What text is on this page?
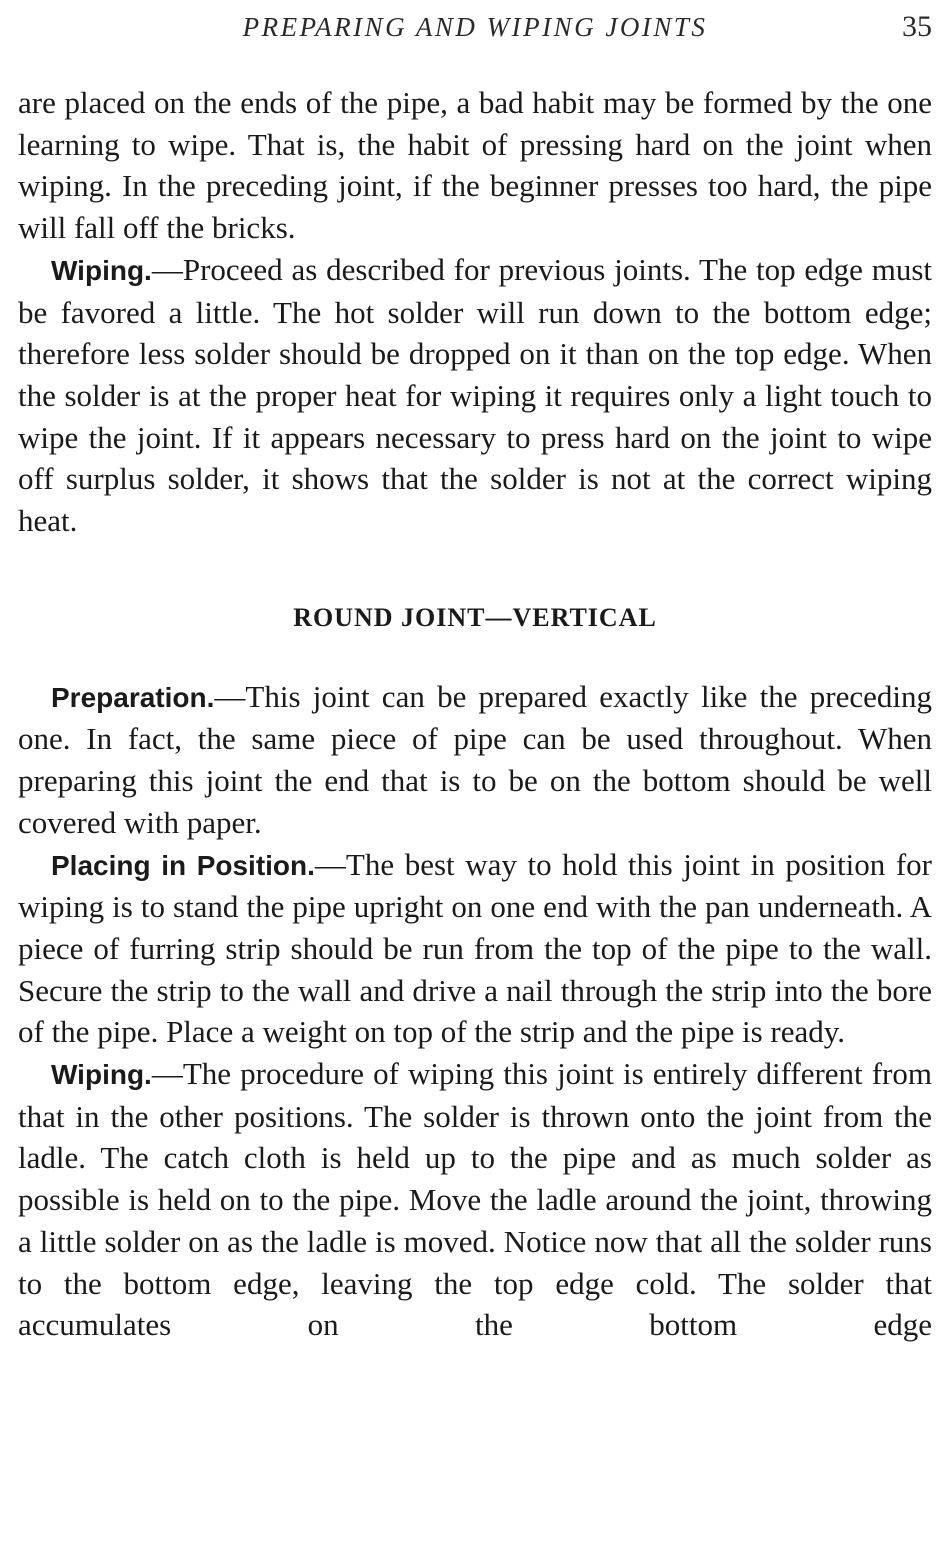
PREPARING AND WIPING JOINTS	35

are placed on the ends of the pipe, a bad habit may be formed by the one learning to wipe. That is, the habit of pressing hard on the joint when wiping. In the preceding joint, if the beginner presses too hard, the pipe will fall off the bricks.

Wiping.—Proceed as described for previous joints. The top edge must be favored a little. The hot solder will run down to the bottom edge; therefore less solder should be dropped on it than on the top edge. When the solder is at the proper heat for wiping it requires only a light touch to wipe the joint. If it appears necessary to press hard on the joint to wipe off surplus solder, it shows that the solder is not at the correct wiping heat.

ROUND JOINT—VERTICAL

Preparation.—This joint can be prepared exactly like the preceding one. In fact, the same piece of pipe can be used throughout. When preparing this joint the end that is to be on the bottom should be well covered with paper.

Placing in Position.—The best way to hold this joint in position for wiping is to stand the pipe upright on one end with the pan underneath. A piece of furring strip should be run from the top of the pipe to the wall. Secure the strip to the wall and drive a nail through the strip into the bore of the pipe. Place a weight on top of the strip and the pipe is ready.

Wiping.—The procedure of wiping this joint is entirely different from that in the other positions. The solder is thrown onto the joint from the ladle. The catch cloth is held up to the pipe and as much solder as possible is held on to the pipe. Move the ladle around the joint, throwing a little solder on as the ladle is moved. Notice now that all the solder runs to the bottom edge, leaving the top edge cold. The solder that accumulates on the bottom edge
